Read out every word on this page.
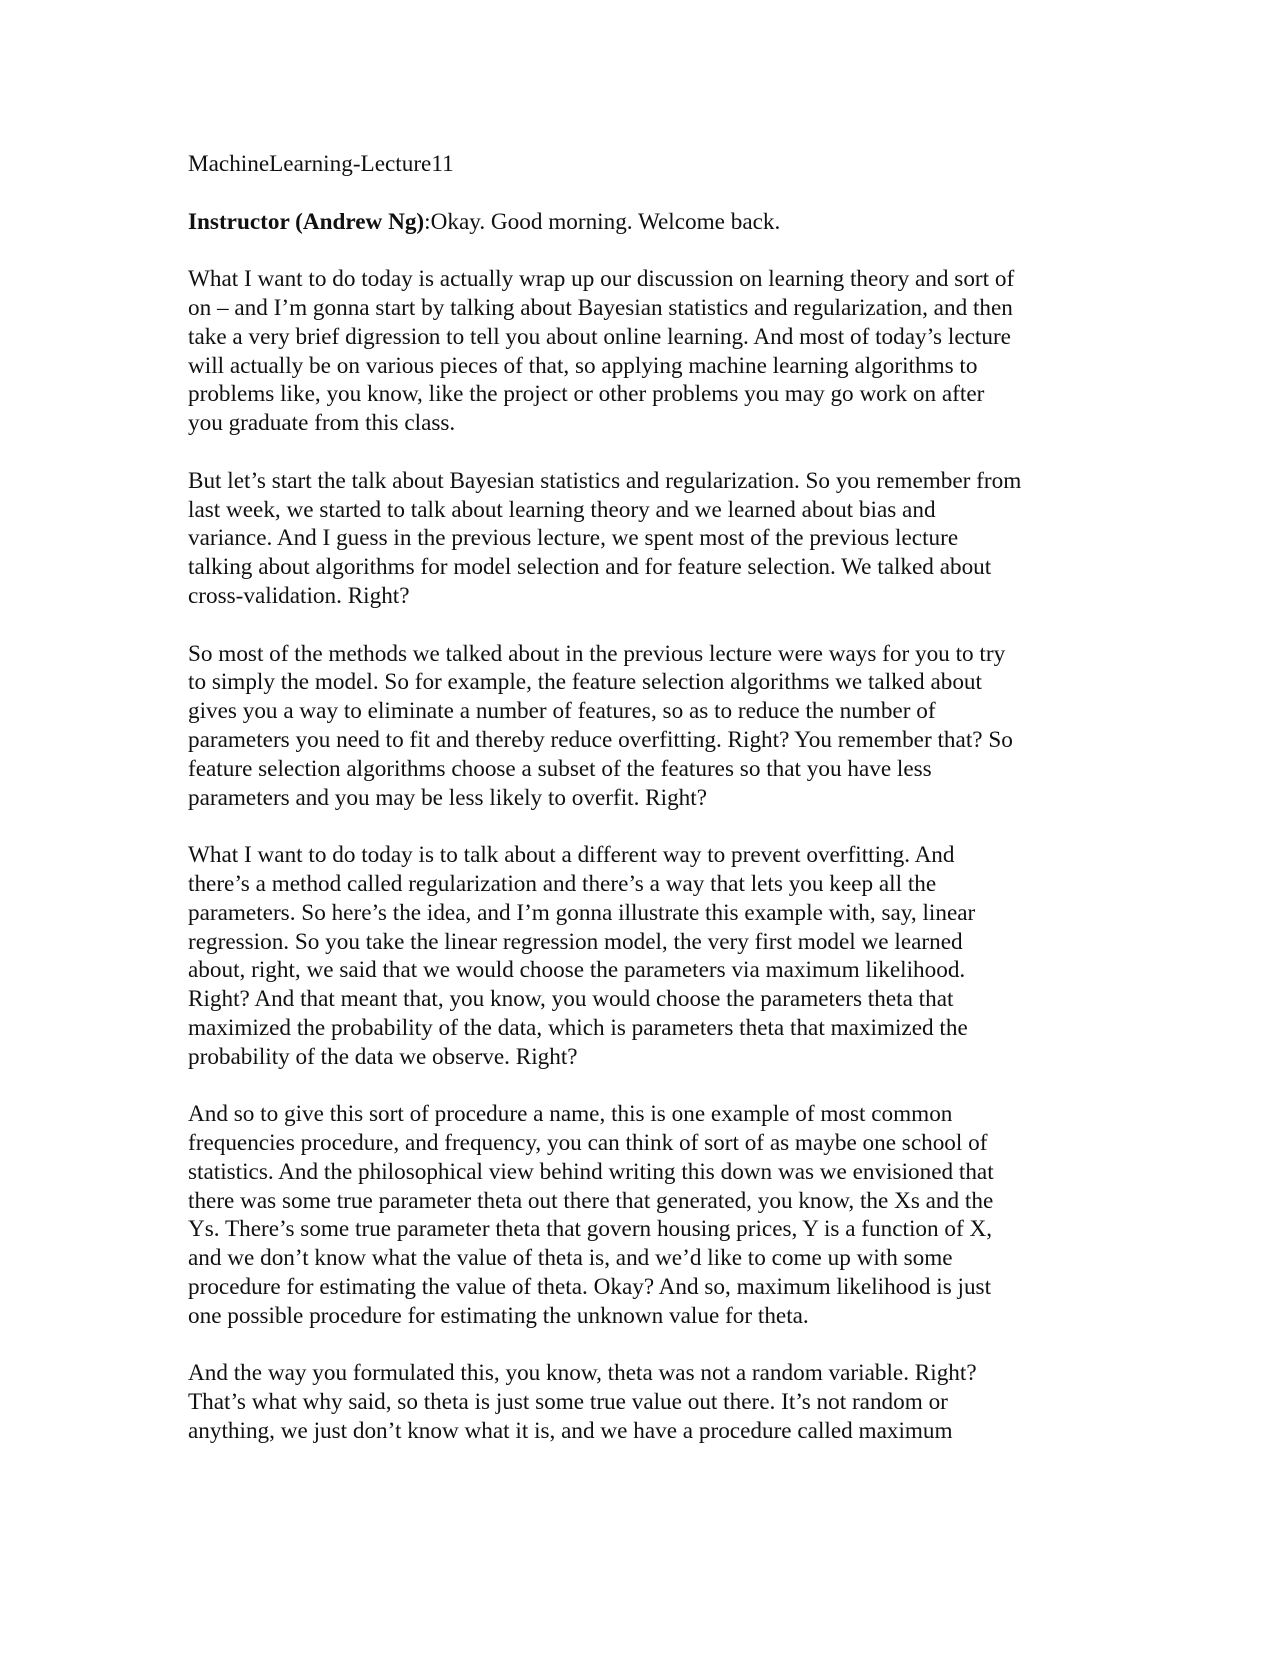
MachineLearning-Lecture11

Instructor (Andrew Ng):Okay. Good morning. Welcome back.

What I want to do today is actually wrap up our discussion on learning theory and sort of
on – and I’m gonna start by talking about Bayesian statistics and regularization, and then
take a very brief digression to tell you about online learning. And most of today’s lecture
will actually be on various pieces of that, so applying machine learning algorithms to
problems like, you know, like the project or other problems you may go work on after
you graduate from this class.
But let’s start the talk about Bayesian statistics and regularization. So you remember from
last week, we started to talk about learning theory and we learned about bias and
variance. And I guess in the previous lecture, we spent most of the previous lecture
talking about algorithms for model selection and for feature selection. We talked about
cross-validation. Right?
So most of the methods we talked about in the previous lecture were ways for you to try
to simply the model. So for example, the feature selection algorithms we talked about
gives you a way to eliminate a number of features, so as to reduce the number of
parameters you need to fit and thereby reduce overfitting. Right? You remember that? So
feature selection algorithms choose a subset of the features so that you have less
parameters and you may be less likely to overfit. Right?
What I want to do today is to talk about a different way to prevent overfitting. And
there’s a method called regularization and there’s a way that lets you keep all the
parameters. So here’s the idea, and I’m gonna illustrate this example with, say, linear
regression. So you take the linear regression model, the very first model we learned
about, right, we said that we would choose the parameters via maximum likelihood.
Right? And that meant that, you know, you would choose the parameters theta that
maximized the probability of the data, which is parameters theta that maximized the
probability of the data we observe. Right?
And so to give this sort of procedure a name, this is one example of most common
frequencies procedure, and frequency, you can think of sort of as maybe one school of
statistics. And the philosophical view behind writing this down was we envisioned that
there was some true parameter theta out there that generated, you know, the Xs and the
Ys. There’s some true parameter theta that govern housing prices, Y is a function of X,
and we don’t know what the value of theta is, and we’d like to come up with some
procedure for estimating the value of theta. Okay? And so, maximum likelihood is just
one possible procedure for estimating the unknown value for theta.
And the way you formulated this, you know, theta was not a random variable. Right?
That’s what why said, so theta is just some true value out there. It’s not random or
anything, we just don’t know what it is, and we have a procedure called maximum
